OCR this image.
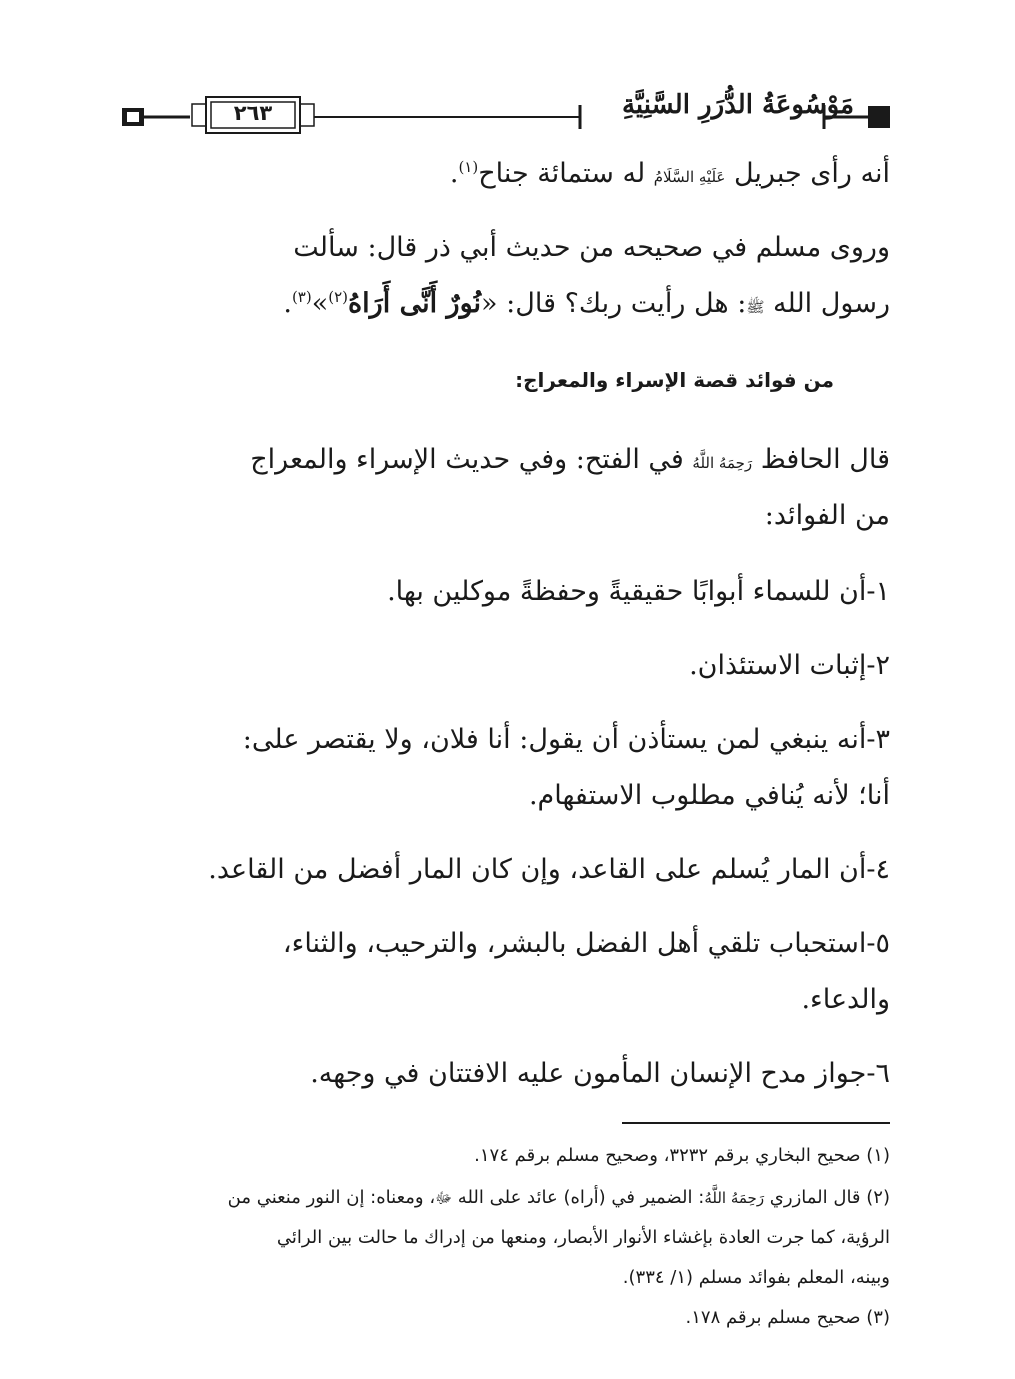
٢٦٣	مَوْسُوعَةُ الدُّرَرِ السَّنِيَّةِ
أنه رأى جبريل عَلَيْهِ السَّلَامُ له ستمائة جناح$^{(١)}$.
وروى مسلم في صحيحه من حديث أبي ذر قال: سألت
رسول الله ﷺ: هل رأيت ربك؟ قال: «نُورٌ أَنَّى أَرَاهُ$^{(٢)}$»$^{(٣)}$.
من فوائد قصة الإسراء والمعراج:
قال الحافظ رَحِمَهُ اللَّهُ في الفتح: وفي حديث الإسراء والمعراج
من الفوائد:
١-أن للسماء أبوابًا حقيقيةً وحفظةً موكلين بها.
٢-إثبات الاستئذان.
٣-أنه ينبغي لمن يستأذن أن يقول: أنا فلان، ولا يقتصر على:
أنا؛ لأنه يُنافي مطلوب الاستفهام.
٤-أن المار يُسلم على القاعد، وإن كان المار أفضل من القاعد.
٥-استحباب تلقي أهل الفضل بالبشر، والترحيب، والثناء،
والدعاء.
٦-جواز مدح الإنسان المأمون عليه الافتتان في وجهه.
(١) صحيح البخاري برقم ٣٢٣٢، وصحيح مسلم برقم ١٧٤.
(٢) قال المازري رَحِمَهُ اللَّهُ: الضمير في (أراه) عائد على الله ﷻ، ومعناه: إن النور منعني من
الرؤية، كما جرت العادة بإغشاء الأنوار الأبصار، ومنعها من إدراك ما حالت بين الرائي
وبينه، المعلم بفوائد مسلم (١/ ٣٣٤).
(٣) صحيح مسلم برقم ١٧٨.
